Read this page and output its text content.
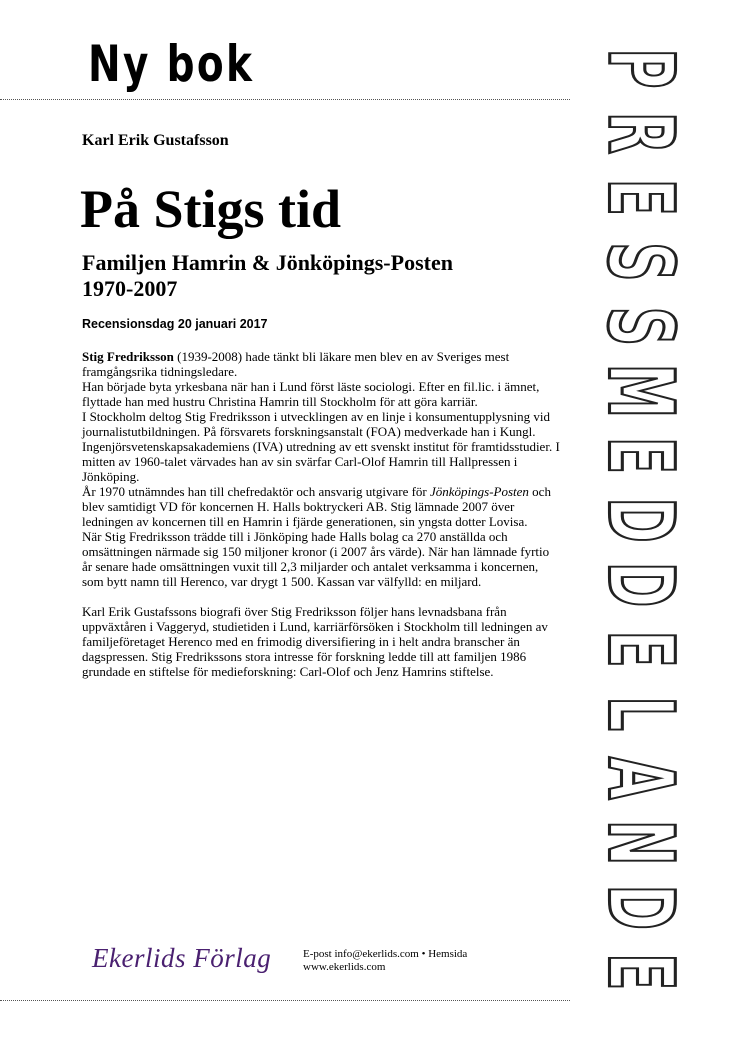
Ny bok
Karl Erik Gustafsson
På Stigs tid
Familjen Hamrin & Jönköpings-Posten
1970-2007
Recensionsdag 20 januari 2017

Stig Fredriksson (1939-2008) hade tänkt bli läkare men blev en av Sveriges mest framgångsrika tidningsledare.

Han började byta yrkesbana när han i Lund först läste sociologi. Efter en fil.lic. i ämnet, flyttade han med hustru Christina Hamrin till Stockholm för att göra karriär.

I Stockholm deltog Stig Fredriksson i utvecklingen av en linje i konsumentupplysning vid journalistutbildningen. På försvarets forskningsanstalt (FOA) medverkade han i Kungl. Ingenjörsvetenskapsakademiens (IVA) utredning av ett svenskt institut för framtidsstudier. I mitten av 1960-talet värvades han av sin svärfar Carl-Olof Hamrin till Hallpressen i Jönköping.

År 1970 utnämndes han till chefredaktör och ansvarig utgivare för Jönköpings-Posten och blev samtidigt VD för koncernen H. Halls boktryckeri AB. Stig lämnade 2007 över ledningen av koncernen till en Hamrin i fjärde generationen, sin yngsta dotter Lovisa.

När Stig Fredriksson trädde till i Jönköping hade Halls bolag ca 270 anställda och omsättningen närmade sig 150 miljoner kronor (i 2007 års värde). När han lämnade fyrtio år senare hade omsättningen vuxit till 2,3 miljarder och antalet verksamma i koncernen, som bytt namn till Herenco, var drygt 1 500. Kassan var välfylld: en miljard.

Karl Erik Gustafssons biografi över Stig Fredriksson följer hans levnadsbana från uppväxtåren i Vaggeryd, studietiden i Lund, karriärförsöken i Stockholm till ledningen av familjeföretaget Herenco med en frimodig diversifiering in i helt andra branscher än dagspressen. Stig Fredrikssons stora intresse för forskning ledde till att familjen 1986 grundade en stiftelse för medieforskning: Carl-Olof och Jenz Hamrins stiftelse.

Ekerlids Förlag	E-post info@ekerlids.com • Hemsida
www.ekerlids.com
P
R
E
S
S
M
E
D
D
E
L
A
N
D
E
